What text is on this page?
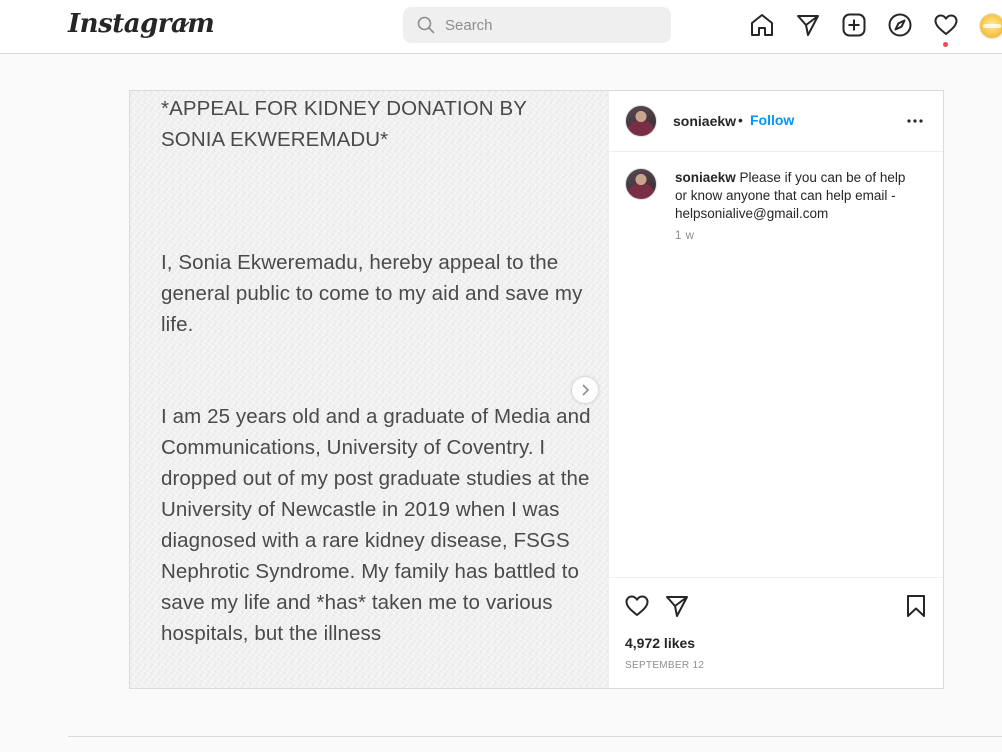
Instagram
Search
*APPEAL FOR KIDNEY DONATION BY SONIA EKWEREMADU*
I, Sonia Ekweremadu, hereby appeal to the general public to come to my aid and save my life.
I am 25 years old and a graduate of Media and Communications, University of Coventry. I dropped out of my post graduate studies at the University of Newcastle in 2019 when I was diagnosed with a rare kidney disease, FSGS Nephrotic Syndrome. My family has battled to save my life and *has* taken me to various hospitals, but the illness
soniaekw • Follow
soniaekw Please if you can be of help or know anyone that can help email - helpsonialive@gmail.com
1 w
4,972 likes
SEPTEMBER 12
